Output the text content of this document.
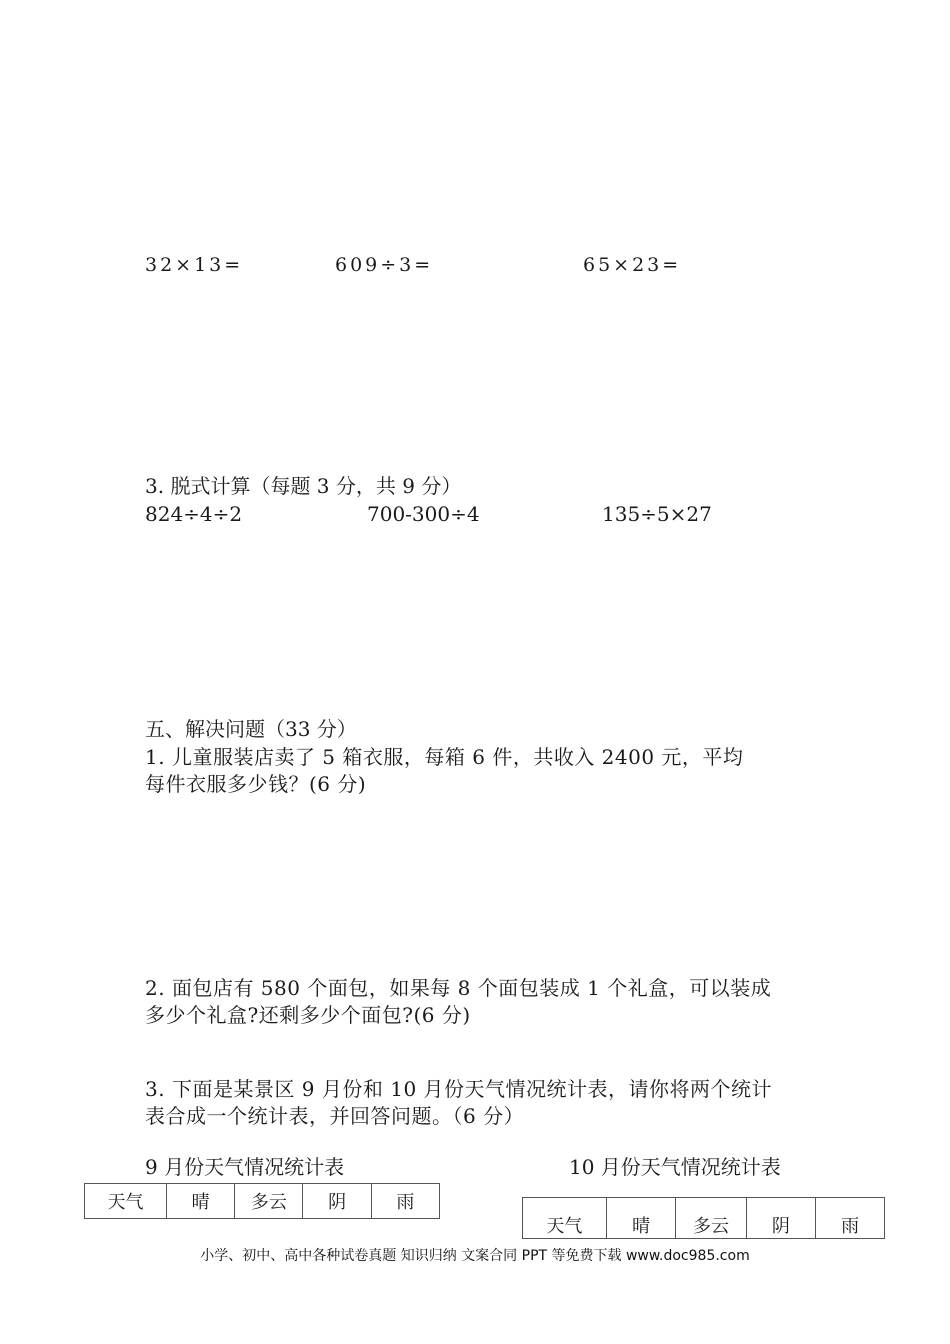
32×13=	609÷3=	65×23=
3. 脱式计算（每题 3 分，共 9 分）
824÷4÷2	700-300÷4	135÷5×27
五、解决问题（33 分）
1. 儿童服装店卖了 5 箱衣服，每箱 6 件，共收入 2400 元，平均
每件衣服多少钱？(6 分)
2. 面包店有 580 个面包，如果每 8 个面包装成 1 个礼盒，可以装成
多少个礼盒?还剩多少个面包?(6 分)
3. 下面是某景区 9 月份和 10 月份天气情况统计表，请你将两个统计
表合成一个统计表，并回答问题。（6 分）
9 月份天气情况统计表	10 月份天气情况统计表
天气	晴	多云	阴	雨
天气	晴	多云	阴	雨
小学、初中、高中各种试卷真题 知识归纳 文案合同 PPT 等免费下载 www.doc985.com
